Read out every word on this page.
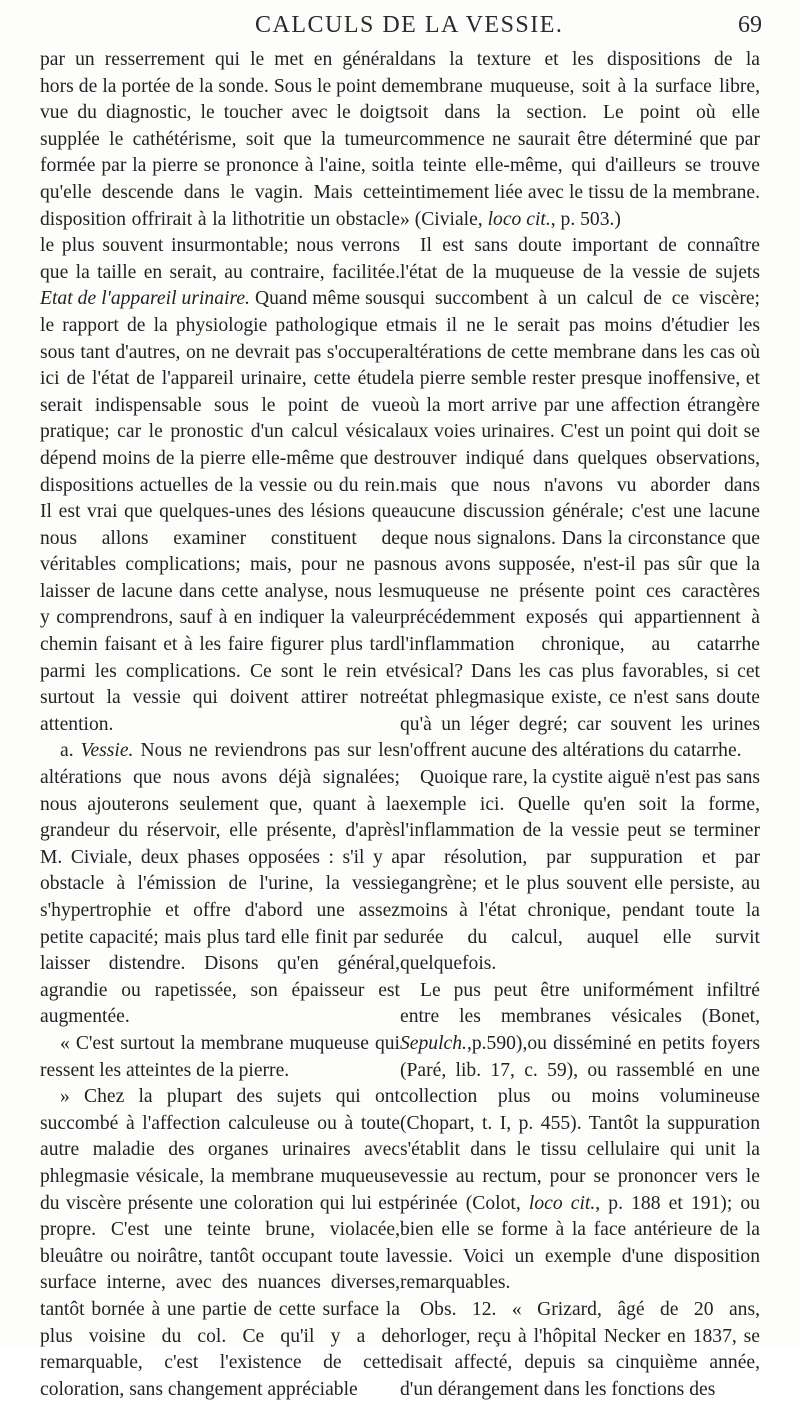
CALCULS DE LA VESSIE.	69

par un resserrement qui le met en général hors de la portée de la sonde. Sous le point de vue du diagnostic, le toucher avec le doigt supplée le cathétérisme, soit que la tumeur formée par la pierre se prononce à l'aine, soit qu'elle descende dans le vagin. Mais cette disposition offrirait à la lithotritie un obstacle le plus souvent insurmontable; nous verrons que la taille en serait, au contraire, facilitée. Etat de l'appareil urinaire. Quand même sous le rapport de la physiologie pathologique et sous tant d'autres, on ne devrait pas s'occuper ici de l'état de l'appareil urinaire, cette étude serait indispensable sous le point de vue pratique; car le pronostic d'un calcul vésical dépend moins de la pierre elle-même que des dispositions actuelles de la vessie ou du rein. Il est vrai que quelques-unes des lésions que nous allons examiner constituent de véritables complications; mais, pour ne pas laisser de lacune dans cette analyse, nous les y comprendrons, sauf à en indiquer la valeur chemin faisant et à les faire figurer plus tard parmi les complications. Ce sont le rein et surtout la vessie qui doivent attirer notre attention.

a. Vessie. Nous ne reviendrons pas sur les altérations que nous avons déjà signalées; nous ajouterons seulement que, quant à la grandeur du réservoir, elle présente, d'après M. Civiale, deux phases opposées : s'il y a obstacle à l'émission de l'urine, la vessie s'hypertrophie et offre d'abord une assez petite capacité; mais plus tard elle finit par se laisser distendre. Disons qu'en général, agrandie ou rapetissée, son épaisseur est augmentée.

« C'est surtout la membrane muqueuse qui ressent les atteintes de la pierre.

» Chez la plupart des sujets qui ont succombé à l'affection calculeuse ou à toute autre maladie des organes urinaires avec phlegmasie vésicale, la membrane muqueuse du viscère présente une coloration qui lui est propre. C'est une teinte brune, violacée, bleuâtre ou noirâtre, tantôt occupant toute la surface interne, avec des nuances diverses, tantôt bornée à une partie de cette surface la plus voisine du col. Ce qu'il y a de remarquable, c'est l'existence de cette coloration, sans changement appréciable

dans la texture et les dispositions de la membrane muqueuse, soit à la surface libre, soit dans la section. Le point où elle commence ne saurait être déterminé que par la teinte elle-même, qui d'ailleurs se trouve intimement liée avec le tissu de la membrane. » (Civiale, loco cit., p. 503.)

Il est sans doute important de connaître l'état de la muqueuse de la vessie de sujets qui succombent à un calcul de ce viscère; mais il ne le serait pas moins d'étudier les altérations de cette membrane dans les cas où la pierre semble rester presque inoffensive, et où la mort arrive par une affection étrangère aux voies urinaires. C'est un point qui doit se trouver indiqué dans quelques observations, mais que nous n'avons vu aborder dans aucune discussion générale; c'est une lacune que nous signalons. Dans la circonstance que nous avons supposée, n'est-il pas sûr que la muqueuse ne présente point ces caractères précédemment exposés qui appartiennent à l'inflammation chronique, au catarrhe vésical? Dans les cas plus favorables, si cet état phlegmasique existe, ce n'est sans doute qu'à un léger degré; car souvent les urines n'offrent aucune des altérations du catarrhe.

Quoique rare, la cystite aiguë n'est pas sans exemple ici. Quelle qu'en soit la forme, l'inflammation de la vessie peut se terminer par résolution, par suppuration et par gangrène; et le plus souvent elle persiste, au moins à l'état chronique, pendant toute la durée du calcul, auquel elle survit quelquefois.

Le pus peut être uniformément infiltré entre les membranes vésicales (Bonet, Sepulch.,p.590),ou disséminé en petits foyers (Paré, lib. 17, c. 59), ou rassemblé en une collection plus ou moins volumineuse (Chopart, t. I, p. 455). Tantôt la suppuration s'établit dans le tissu cellulaire qui unit la vessie au rectum, pour se prononcer vers le périnée (Colot, loco cit., p. 188 et 191); ou bien elle se forme à la face antérieure de la vessie. Voici un exemple d'une disposition remarquables.

Obs. 12. « Grizard, âgé de 20 ans, horloger, reçu à l'hôpital Necker en 1837, se disait affecté, depuis sa cinquième année, d'un dérangement dans les fonctions des
